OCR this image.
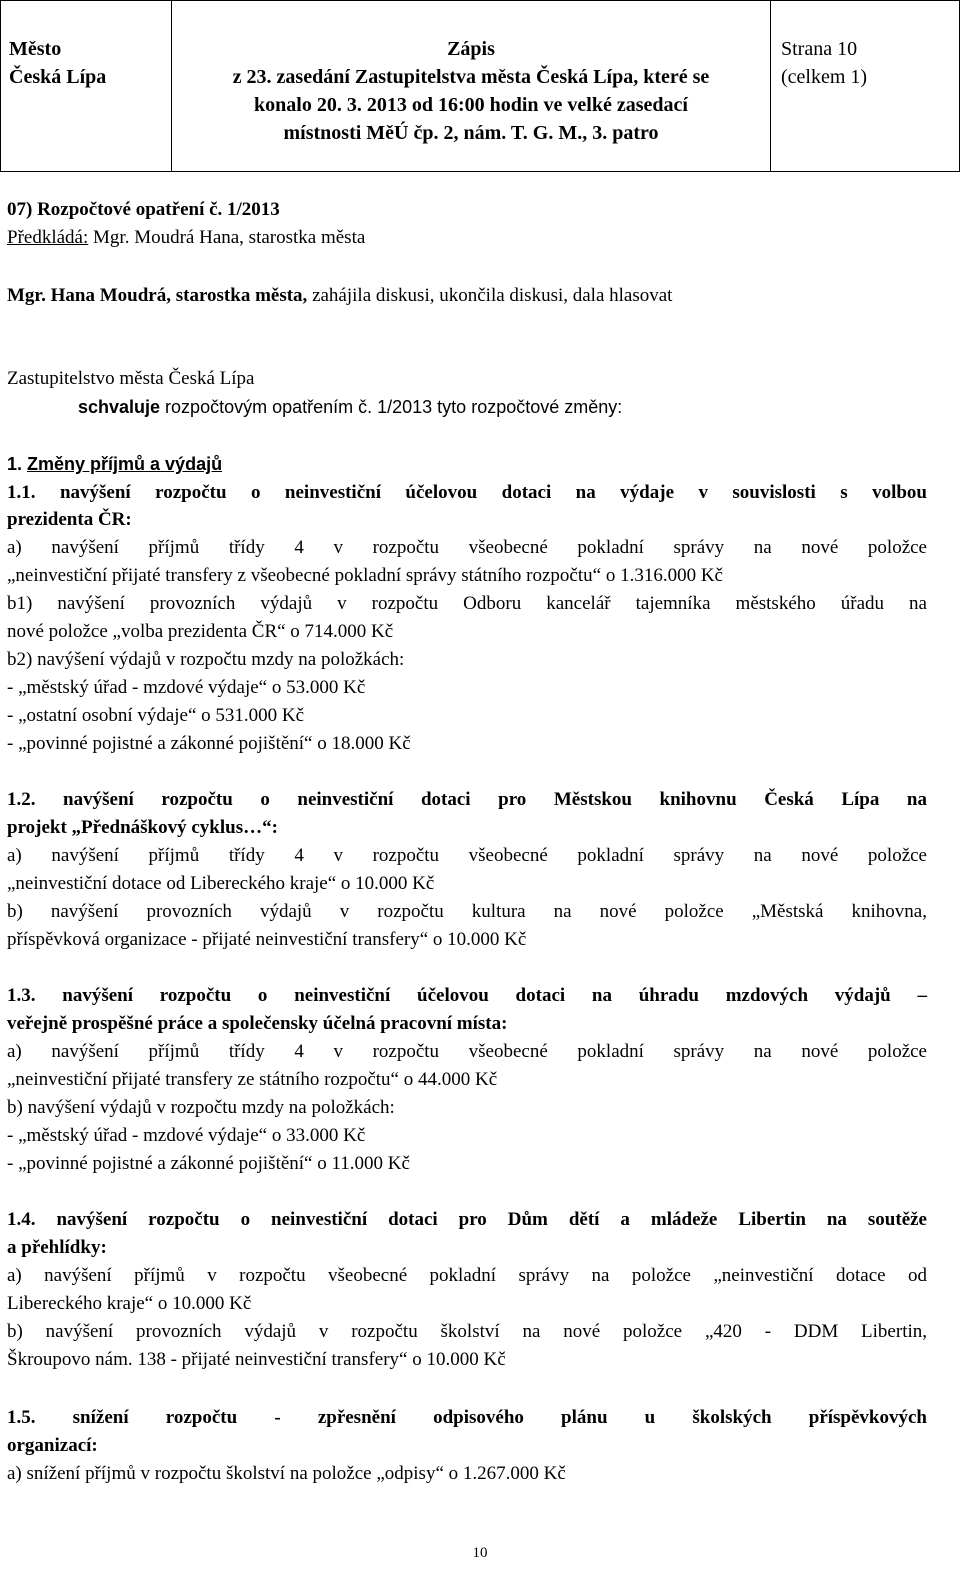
Město
Česká Lípa
Zápis
z 23. zasedání Zastupitelstva města Česká Lípa, které se
konalo 20. 3. 2013 od 16:00 hodin ve velké zasedací
místnosti MěÚ čp. 2, nám. T. G. M., 3. patro
Strana 10
(celkem 1)
07) Rozpočtové opatření č. 1/2013
Předkládá: Mgr. Moudrá Hana, starostka města
Mgr. Hana Moudrá, starostka města, zahájila diskusi, ukončila diskusi, dala hlasovat
Zastupitelstvo města Česká Lípa
schvaluje rozpočtovým opatřením č. 1/2013 tyto rozpočtové změny:
1. Změny příjmů a výdajů
1.1. navýšení rozpočtu o neinvestiční účelovou dotaci na výdaje v souvislosti s volbou
prezidenta ČR:
a) navýšení příjmů třídy 4 v rozpočtu všeobecné pokladní správy na nové položce
„neinvestiční přijaté transfery z všeobecné pokladní správy státního rozpočtu“ o 1.316.000 Kč
b1) navýšení provozních výdajů v rozpočtu Odboru kancelář tajemníka městského úřadu na
nové položce „volba prezidenta ČR“ o 714.000 Kč
b2) navýšení výdajů v rozpočtu mzdy na položkách:
- „městský úřad - mzdové výdaje“ o 53.000 Kč
- „ostatní osobní výdaje“ o 531.000 Kč
- „povinné pojistné a zákonné pojištění“ o 18.000 Kč
1.2. navýšení rozpočtu o neinvestiční dotaci pro Městskou knihovnu Česká Lípa na
projekt „Přednáškový cyklus…“:
a) navýšení příjmů třídy 4 v rozpočtu všeobecné pokladní správy na nové položce
„neinvestiční dotace od Libereckého kraje“ o 10.000 Kč
b) navýšení provozních výdajů v rozpočtu kultura na nové položce „Městská knihovna,
příspěvková organizace - přijaté neinvestiční transfery“ o 10.000 Kč
1.3. navýšení rozpočtu o neinvestiční účelovou dotaci na úhradu mzdových výdajů –
veřejně prospěšné práce a společensky účelná pracovní místa:
a) navýšení příjmů třídy 4 v rozpočtu všeobecné pokladní správy na nové položce
„neinvestiční přijaté transfery ze státního rozpočtu“ o 44.000 Kč
b) navýšení výdajů v rozpočtu mzdy na položkách:
- „městský úřad - mzdové výdaje“ o 33.000 Kč
- „povinné pojistné a zákonné pojištění“ o 11.000 Kč
1.4. navýšení rozpočtu o neinvestiční dotaci pro Dům dětí a mládeže Libertin na soutěže
a přehlídky:
a) navýšení příjmů v rozpočtu všeobecné pokladní správy na položce „neinvestiční dotace od
Libereckého kraje“ o 10.000 Kč
b) navýšení provozních výdajů v rozpočtu školství na nové položce „420 - DDM Libertin,
Škroupovo nám. 138 - přijaté neinvestiční transfery“ o 10.000 Kč
1.5. snížení rozpočtu - zpřesnění odpisového plánu u školských příspěvkových
organizací:
a) snížení příjmů v rozpočtu školství na položce „odpisy“ o 1.267.000 Kč
10
